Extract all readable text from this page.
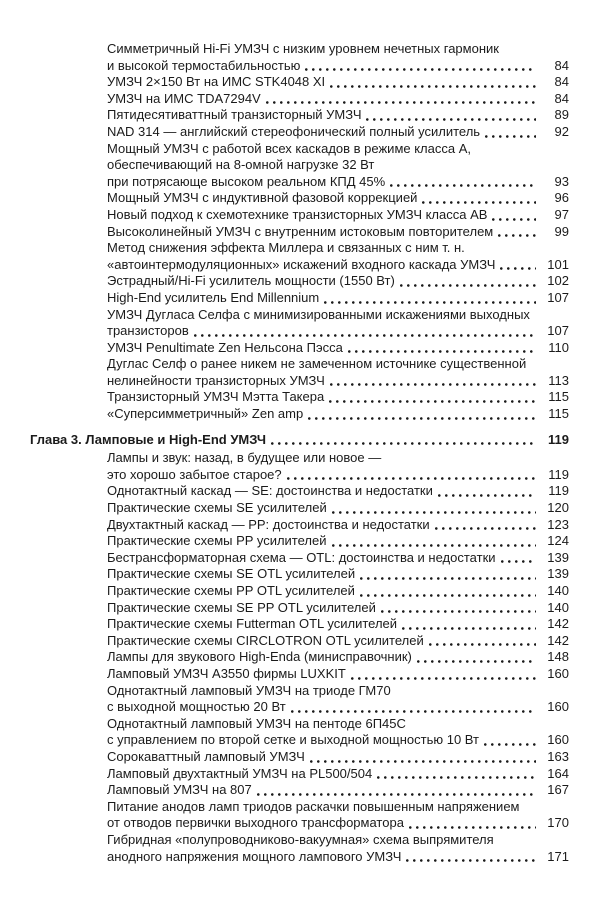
Симметричный Hi-Fi УМЗЧ с низким уровнем нечетных гармоник
и высокой термостабильностью	84
УМЗЧ 2×150 Вт на ИМС STK4048 XI	84
УМЗЧ на ИМС TDA7294V	84
Пятидесятиваттный транзисторный УМЗЧ	89
NAD 314 — английский стереофонический полный усилитель	92
Мощный УМЗЧ с работой всех каскадов в режиме класса А,
обеспечивающий на 8-омной нагрузке 32 Вт
при потрясающе высоком реальном КПД 45%	93
Мощный УМЗЧ с индуктивной фазовой коррекцией	96
Новый подход к схемотехнике транзисторных УМЗЧ класса АВ	97
Высоколинейный УМЗЧ с внутренним истоковым повторителем	99
Метод снижения эффекта Миллера и связанных с ним т. н.
«автоинтермодуляционных» искажений входного каскада УМЗЧ	101
Эстрадный/Hi-Fi усилитель мощности (1550 Вт)	102
High-End усилитель End Millennium	107
УМЗЧ Дугласа Селфа с минимизированными искажениями выходных
транзисторов	107
УМЗЧ Penultimate Zen Нельсона Пэсса	110
Дуглас Селф о ранее никем не замеченном источнике существенной
нелинейности транзисторных УМЗЧ	113
Транзисторный УМЗЧ Мэтта Такера	115
«Суперсимметричный» Zen amp	115
Глава 3. Ламповые и High-End УМЗЧ	119
Лампы и звук: назад, в будущее или новое —
это хорошо забытое старое?	119
Однотактный каскад — SE: достоинства и недостатки	119
Практические схемы SE усилителей	120
Двухтактный каскад — PP: достоинства и недостатки	123
Практические схемы PP усилителей	124
Бестрансформаторная схема — OTL: достоинства и недостатки	139
Практические схемы SE OTL усилителей	139
Практические схемы PP OTL усилителей	140
Практические схемы SE PP OTL усилителей	140
Практические схемы Futterman OTL усилителей	142
Практические схемы CIRCLOTRON OTL усилителей	142
Лампы для звукового High-Enda (минисправочник)	148
Ламповый УМЗЧ А3550 фирмы LUXKIT	160
Однотактный ламповый УМЗЧ на триоде ГМ70
с выходной мощностью 20 Вт	160
Однотактный ламповый УМЗЧ на пентоде 6П45С
с управлением по второй сетке и выходной мощностью 10 Вт	160
Сорокаваттный ламповый УМЗЧ	163
Ламповый двухтактный УМЗЧ на PL500/504	164
Ламповый УМЗЧ на 807	167
Питание анодов ламп триодов раскачки повышенным напряжением
от отводов первички выходного трансформатора	170
Гибридная «полупроводниково-вакуумная» схема выпрямителя
анодного напряжения мощного лампового УМЗЧ	171
